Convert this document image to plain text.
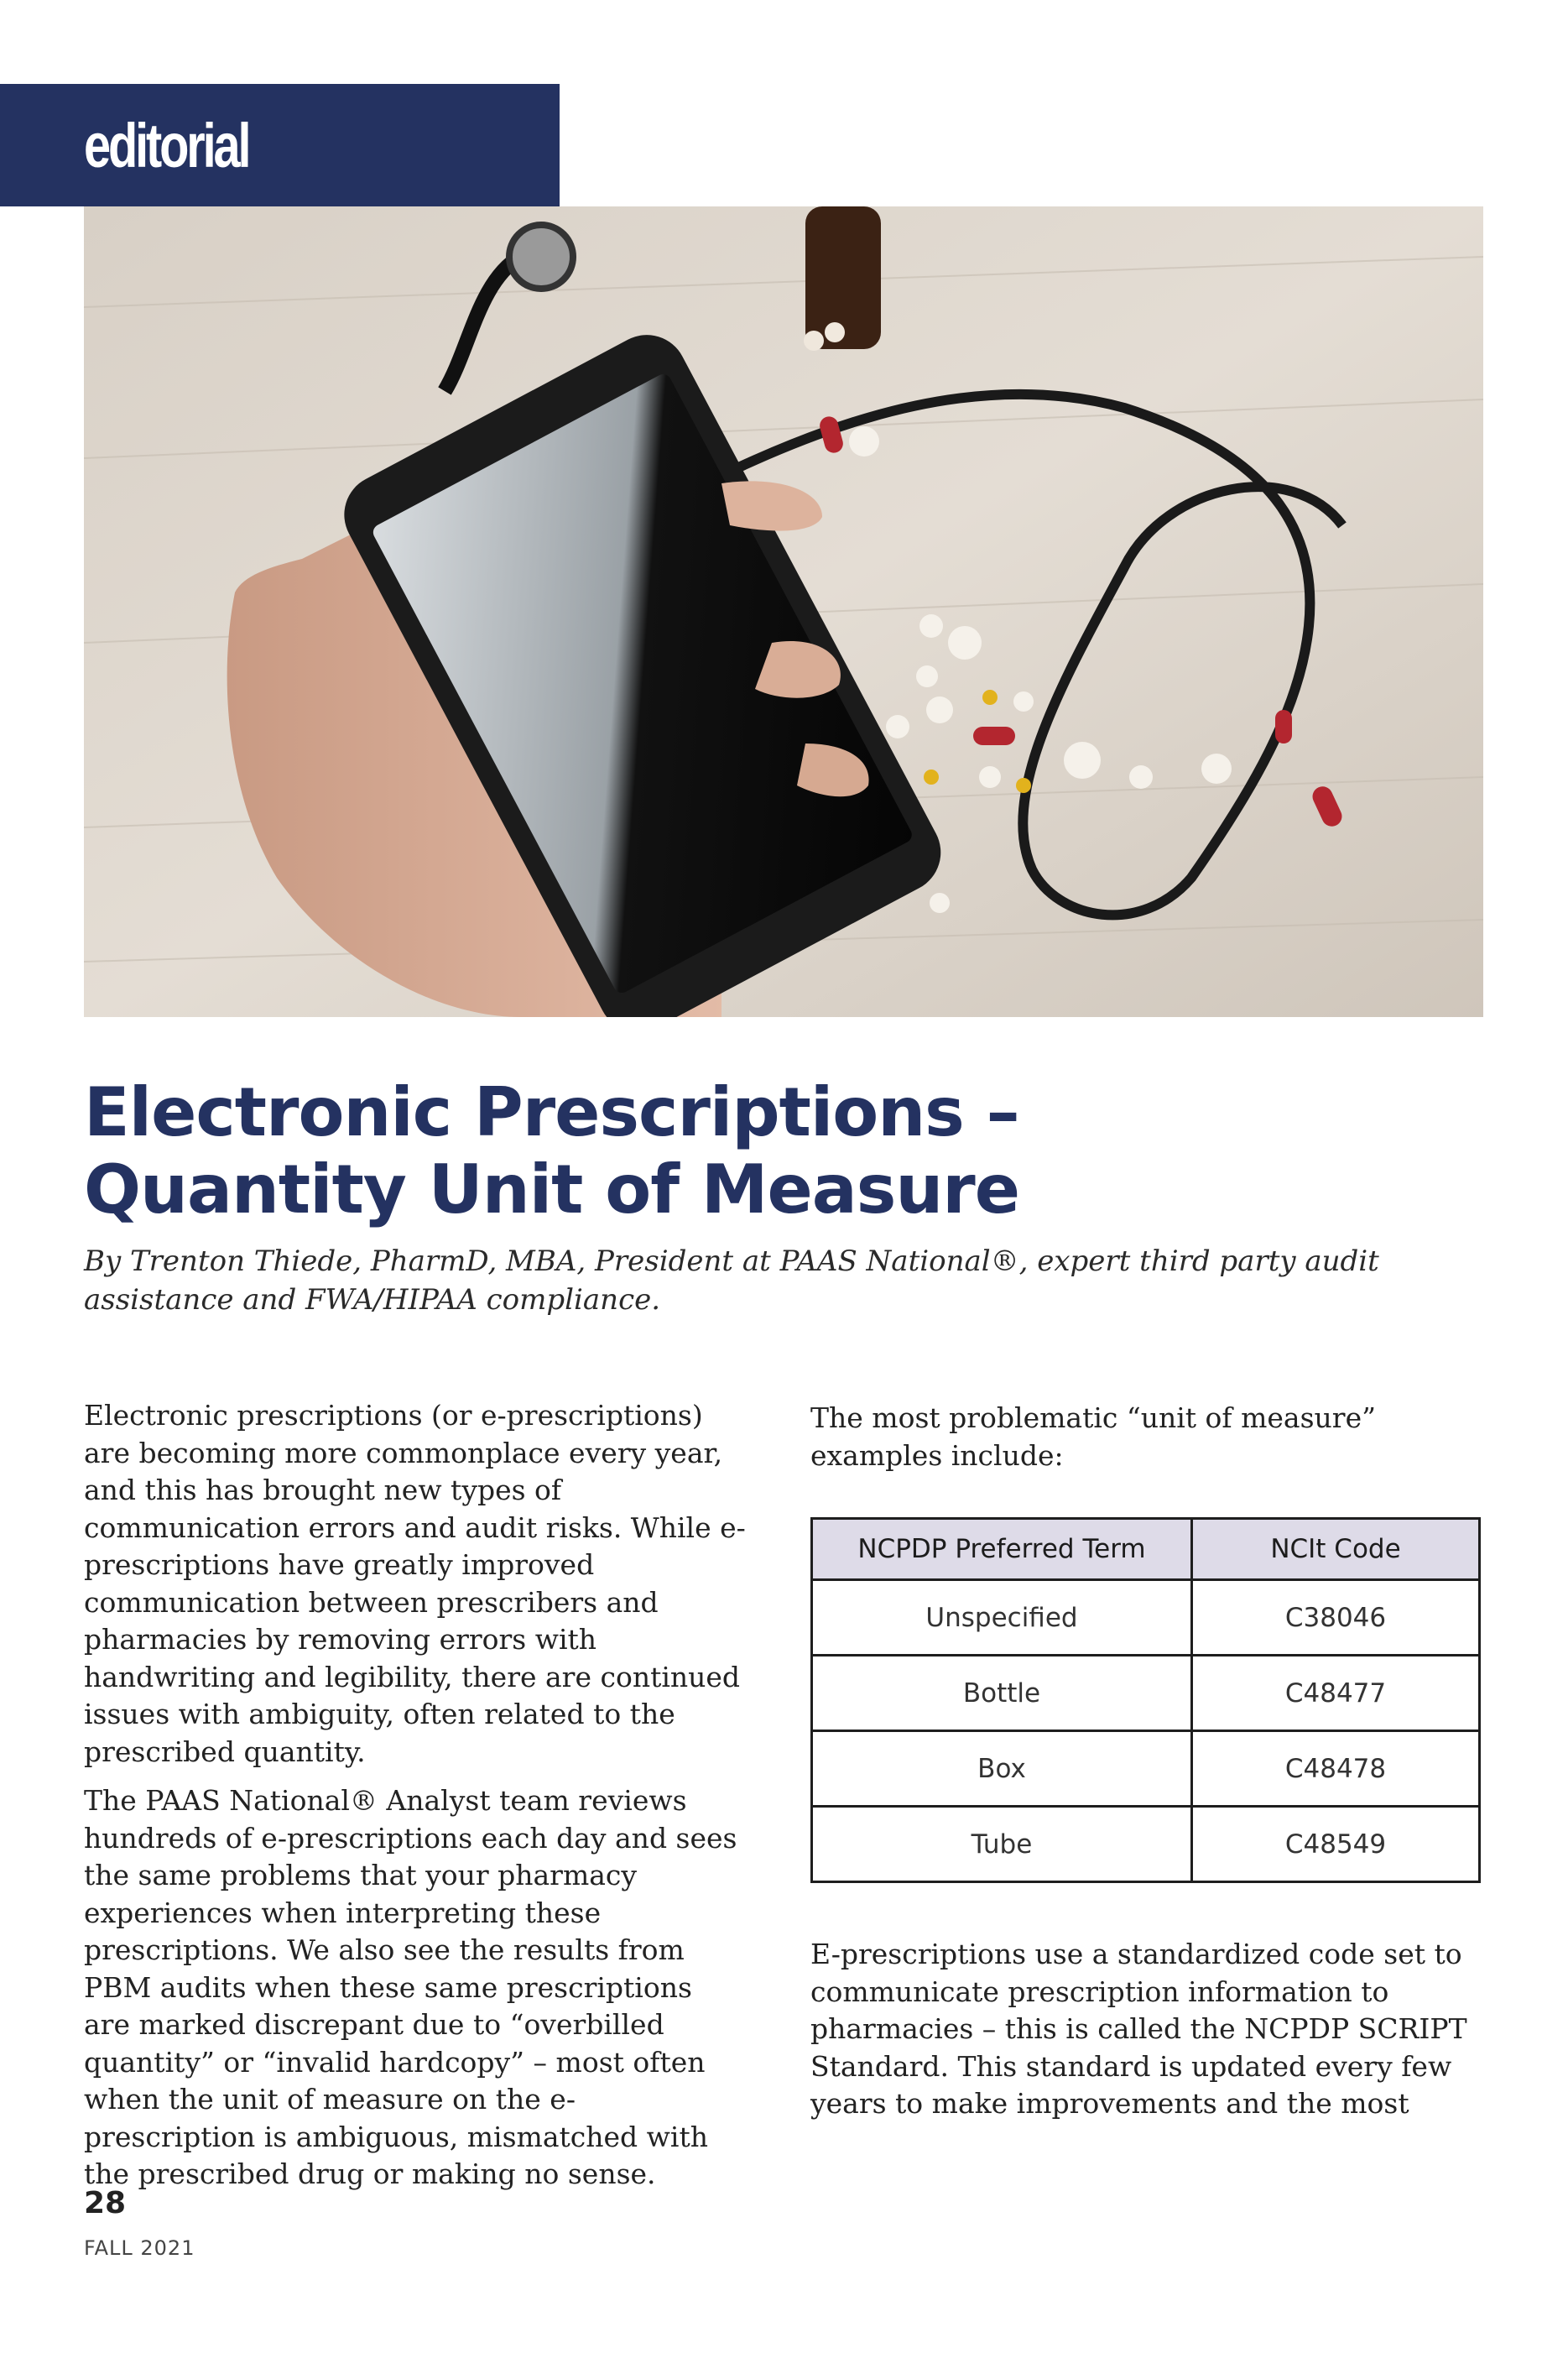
editorial
Electronic Prescriptions –
Quantity Unit of Measure

By Trenton Thiede, PharmD, MBA, President at PAAS National®, expert third party audit assistance and FWA/HIPAA compliance.

Electronic prescriptions (or e-prescriptions) are becoming more commonplace every year, and this has brought new types of communication errors and audit risks. While e-prescriptions have greatly improved communication between prescribers and pharmacies by removing errors with handwriting and legibility, there are continued issues with ambiguity, often related to the prescribed quantity.

The PAAS National® Analyst team reviews hundreds of e-prescriptions each day and sees the same problems that your pharmacy experiences when interpreting these prescriptions. We also see the results from PBM audits when these same prescriptions are marked discrepant due to “overbilled quantity” or “invalid hardcopy” – most often when the unit of measure on the e-prescription is ambiguous, mismatched with the prescribed drug or making no sense.

The most problematic “unit of measure” examples include:

NCPDP Preferred Term	NCIt Code
Unspecified	C38046
Bottle	C48477
Box	C48478
Tube	C48549

E-prescriptions use a standardized code set to communicate prescription information to pharmacies – this is called the NCPDP SCRIPT Standard. This standard is updated every few years to make improvements and the most

28
FALL 2021
